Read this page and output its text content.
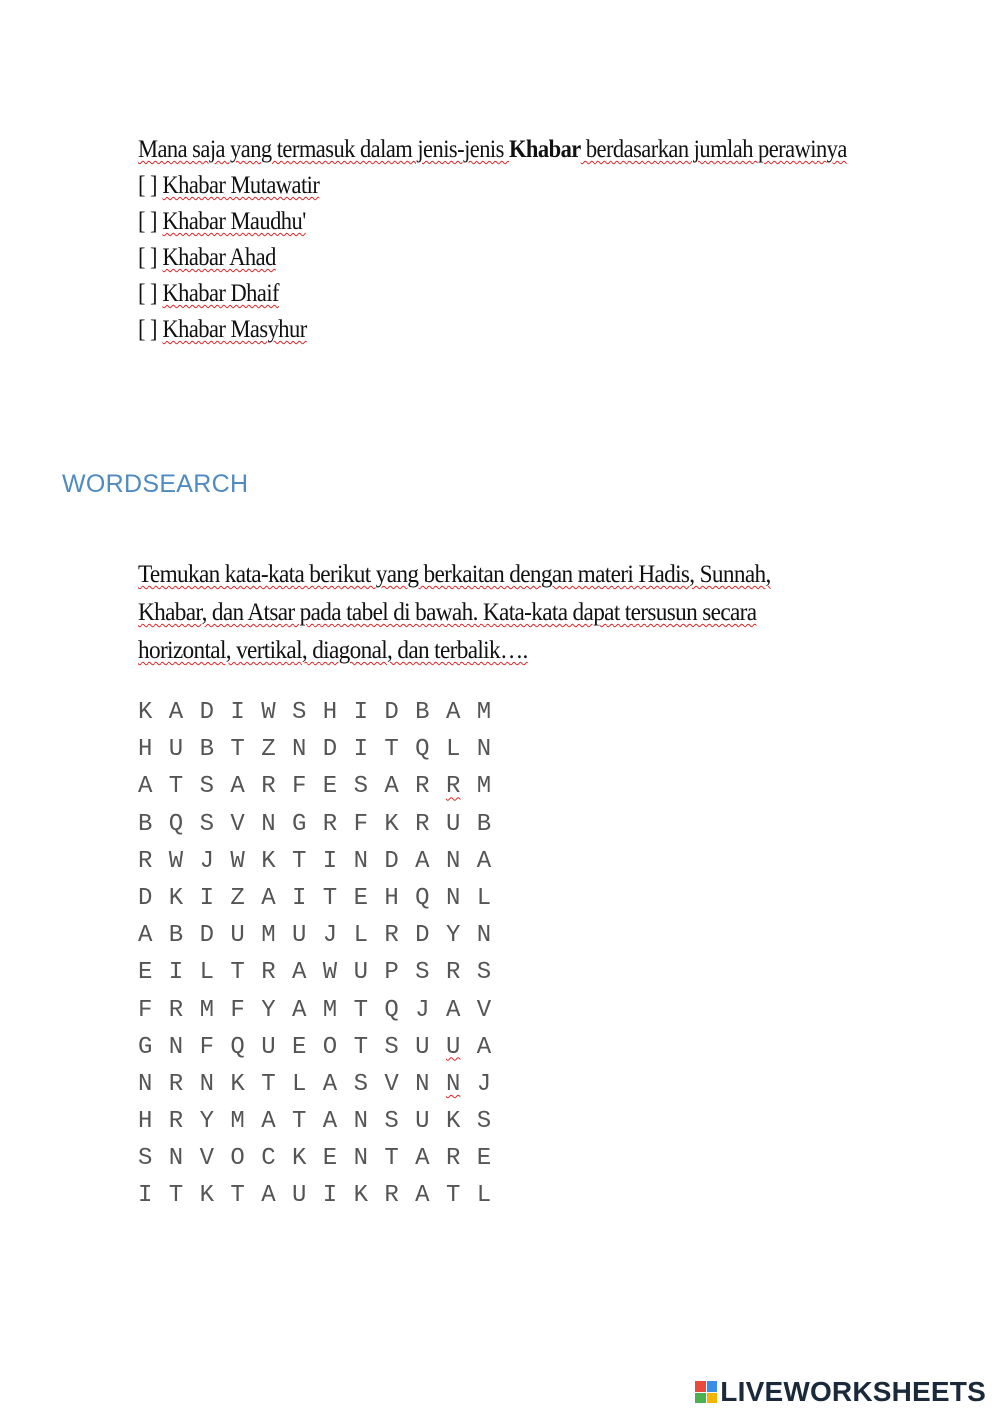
Mana saja yang termasuk dalam jenis-jenis Khabar berdasarkan jumlah perawinya
[ ] Khabar Mutawatir
[ ] Khabar Maudhu'
[ ] Khabar Ahad
[ ] Khabar Dhaif
[ ] Khabar Masyhur
WORDSEARCH

Temukan kata-kata berikut yang berkaitan dengan materi Hadis, Sunnah,

Khabar, dan Atsar pada tabel di bawah. Kata-kata dapat tersusun secara

horizontal, vertikal, diagonal, dan terbalik….

K A D I W S H I D B A M
H U B T Z N D I T Q L N
A T S A R F E S A R R M
B Q S V N G R F K R U B
R W J W K T I N D A N A
D K I Z A I T E H Q N L
A B D U M U J L R D Y N
E I L T R A W U P S R S
F R M F Y A M T Q J A V
G N F Q U E O T S U U A
N R N K T L A S V N N J
H R Y M A T A N S U K S
S N V O C K E N T A R E
I T K T A U I K R A T L
LIVEWORKSHEETS
